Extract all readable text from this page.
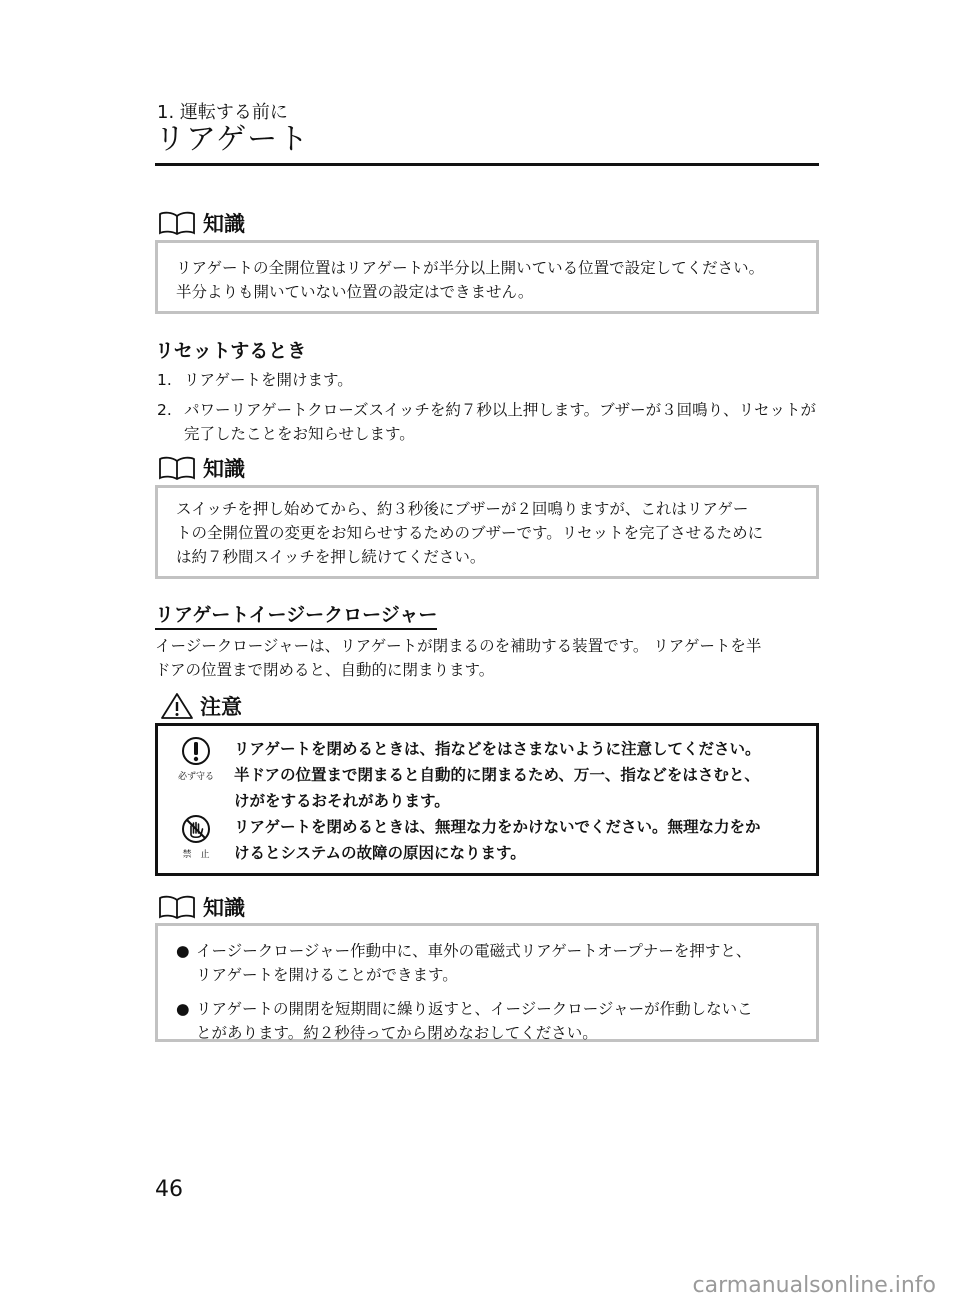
1. 運転する前に
リアゲート
知識

リアゲートの全開位置はリアゲートが半分以上開いている位置で設定してください。

半分よりも開いていない位置の設定はできません。

リセットするとき
1. リアゲートを開けます。
2. パワーリアゲートクローズスイッチを約７秒以上押します。ブザーが３回鳴り、リセットが完了したことをお知らせします。
知識

スイッチを押し始めてから、約３秒後にブザーが２回鳴りますが、これはリアゲー

トの全開位置の変更をお知らせするためのブザーです。リセットを完了させるために

は約７秒間スイッチを押し続けてください。

リアゲートイージークロージャー
イージークロージャーは、リアゲートが閉まるのを補助する装置です。 リアゲートを半
ドアの位置まで閉めると、自動的に閉まります。
注意
必ず守る
リアゲートを閉めるときは、指などをはさまないように注意してください。
半ドアの位置まで閉まると自動的に閉まるため、万一、指などをはさむと、
けがをするおそれがあります。
禁　止
リアゲートを閉めるときは、無理な力をかけないでください。無理な力をか
けるとシステムの故障の原因になります。
知識
● イージークロージャー作動中に、車外の電磁式リアゲートオープナーを押すと、
リアゲートを開けることができます。
● リアゲートの開閉を短期間に繰り返すと、イージークロージャーが作動しないこ
とがあります。約２秒待ってから閉めなおしてください。
46
carmanualsonline.info
